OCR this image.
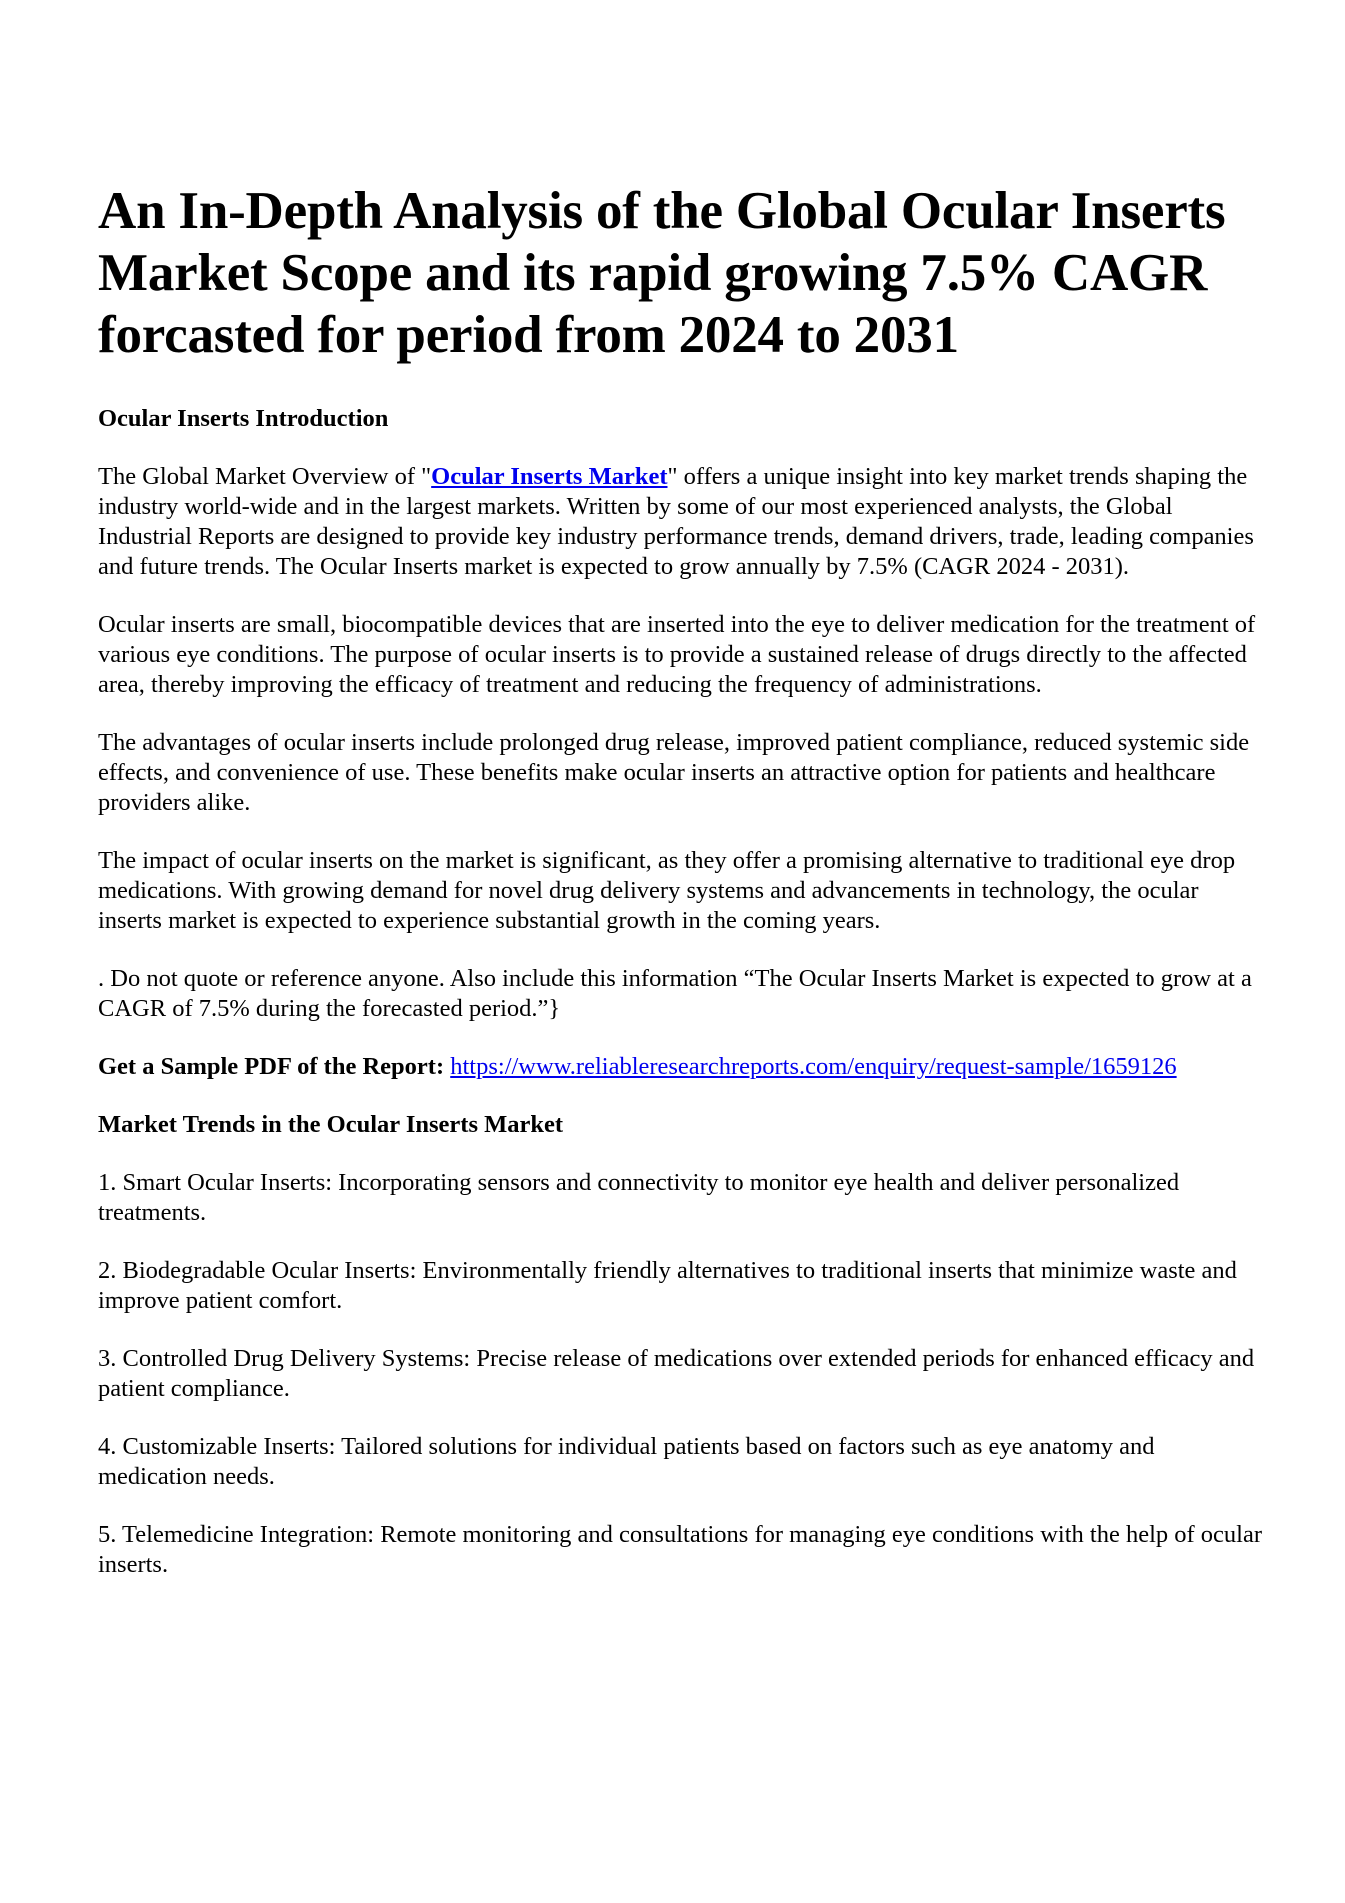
An In-Depth Analysis of the Global Ocular Inserts Market Scope and its rapid growing 7.5% CAGR forcasted for period from 2024 to 2031
Ocular Inserts Introduction

The Global Market Overview of "Ocular Inserts Market" offers a unique insight into key market trends shaping the industry world-wide and in the largest markets. Written by some of our most experienced analysts, the Global Industrial Reports are designed to provide key industry performance trends, demand drivers, trade, leading companies and future trends. The Ocular Inserts market is expected to grow annually by 7.5% (CAGR 2024 - 2031).

Ocular inserts are small, biocompatible devices that are inserted into the eye to deliver medication for the treatment of various eye conditions. The purpose of ocular inserts is to provide a sustained release of drugs directly to the affected area, thereby improving the efficacy of treatment and reducing the frequency of administrations.

The advantages of ocular inserts include prolonged drug release, improved patient compliance, reduced systemic side effects, and convenience of use. These benefits make ocular inserts an attractive option for patients and healthcare providers alike.

The impact of ocular inserts on the market is significant, as they offer a promising alternative to traditional eye drop medications. With growing demand for novel drug delivery systems and advancements in technology, the ocular inserts market is expected to experience substantial growth in the coming years.

. Do not quote or reference anyone. Also include this information “The Ocular Inserts Market is expected to grow at a CAGR of 7.5% during the forecasted period.”}

Get a Sample PDF of the Report: https://www.reliableresearchreports.com/enquiry/request-sample/1659126

Market Trends in the Ocular Inserts Market

1. Smart Ocular Inserts: Incorporating sensors and connectivity to monitor eye health and deliver personalized treatments.

2. Biodegradable Ocular Inserts: Environmentally friendly alternatives to traditional inserts that minimize waste and improve patient comfort.

3. Controlled Drug Delivery Systems: Precise release of medications over extended periods for enhanced efficacy and patient compliance.

4. Customizable Inserts: Tailored solutions for individual patients based on factors such as eye anatomy and medication needs.

5. Telemedicine Integration: Remote monitoring and consultations for managing eye conditions with the help of ocular inserts.
